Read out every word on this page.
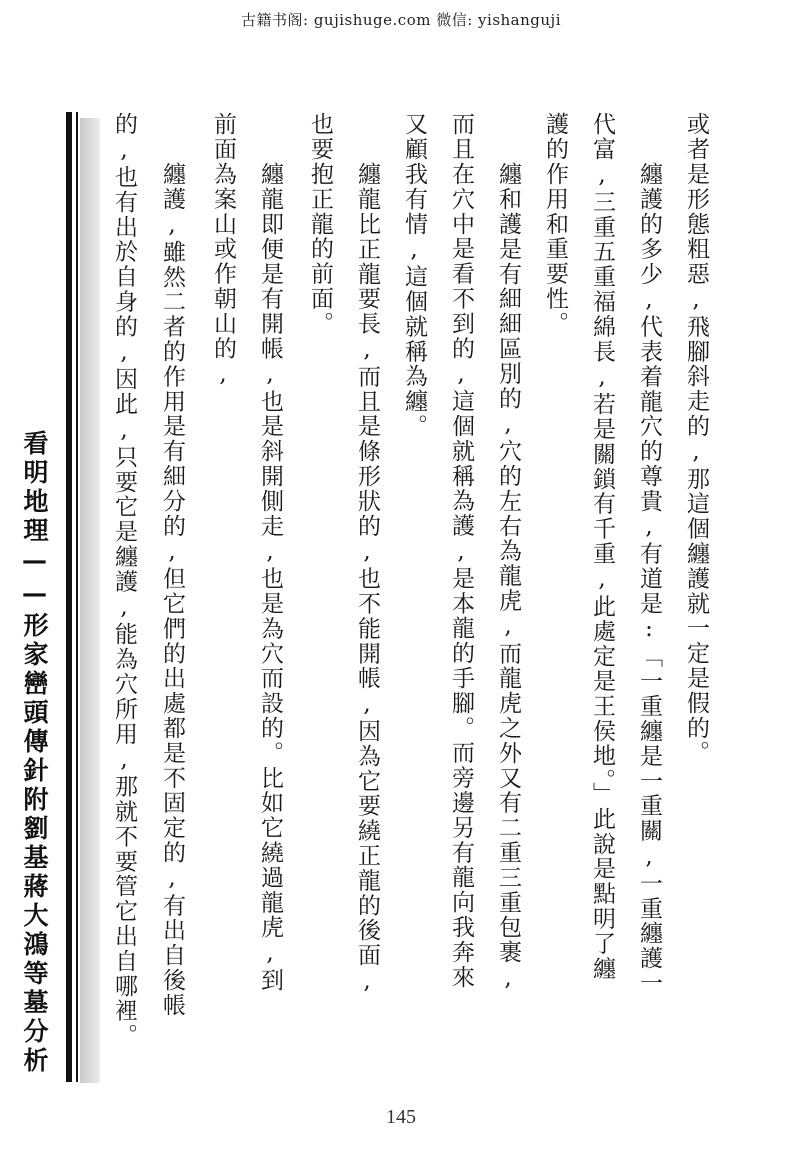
古籍书阁: gujishuge.com 微信: yishanguji
或者是形態粗惡,飛腳斜走的,那這個纏護就一定是假的。
纏護的多少,代表着龍穴的尊貴,有道是:「一重纏是一重關,一重纏護一
代富,三重五重福綿長,若是關鎖有千重,此處定是王侯地。」此說是點明了纏
護的作用和重要性。
纏和護是有細細區別的,穴的左右為龍虎,而龍虎之外又有二重三重包裹,
而且在穴中是看不到的,這個就稱為護,是本龍的手腳。而旁邊另有龍向我奔來
又顧我有情,這個就稱為纏。
纏龍比正龍要長,而且是條形狀的,也不能開帳,因為它要繞正龍的後面,
也要抱正龍的前面。
纏龍即便是有開帳,也是斜開側走,也是為穴而設的。比如它繞過龍虎,到
前面為案山或作朝山的,
纏護,雖然二者的作用是有細分的,但它們的出處都是不固定的,有出自後帳
的,也有出於自身的,因此,只要它是纏護,能為穴所用,那就不要管它出自哪裡。
看明地理——形家巒頭傳針附劉基蔣大鴻等墓分析
145
